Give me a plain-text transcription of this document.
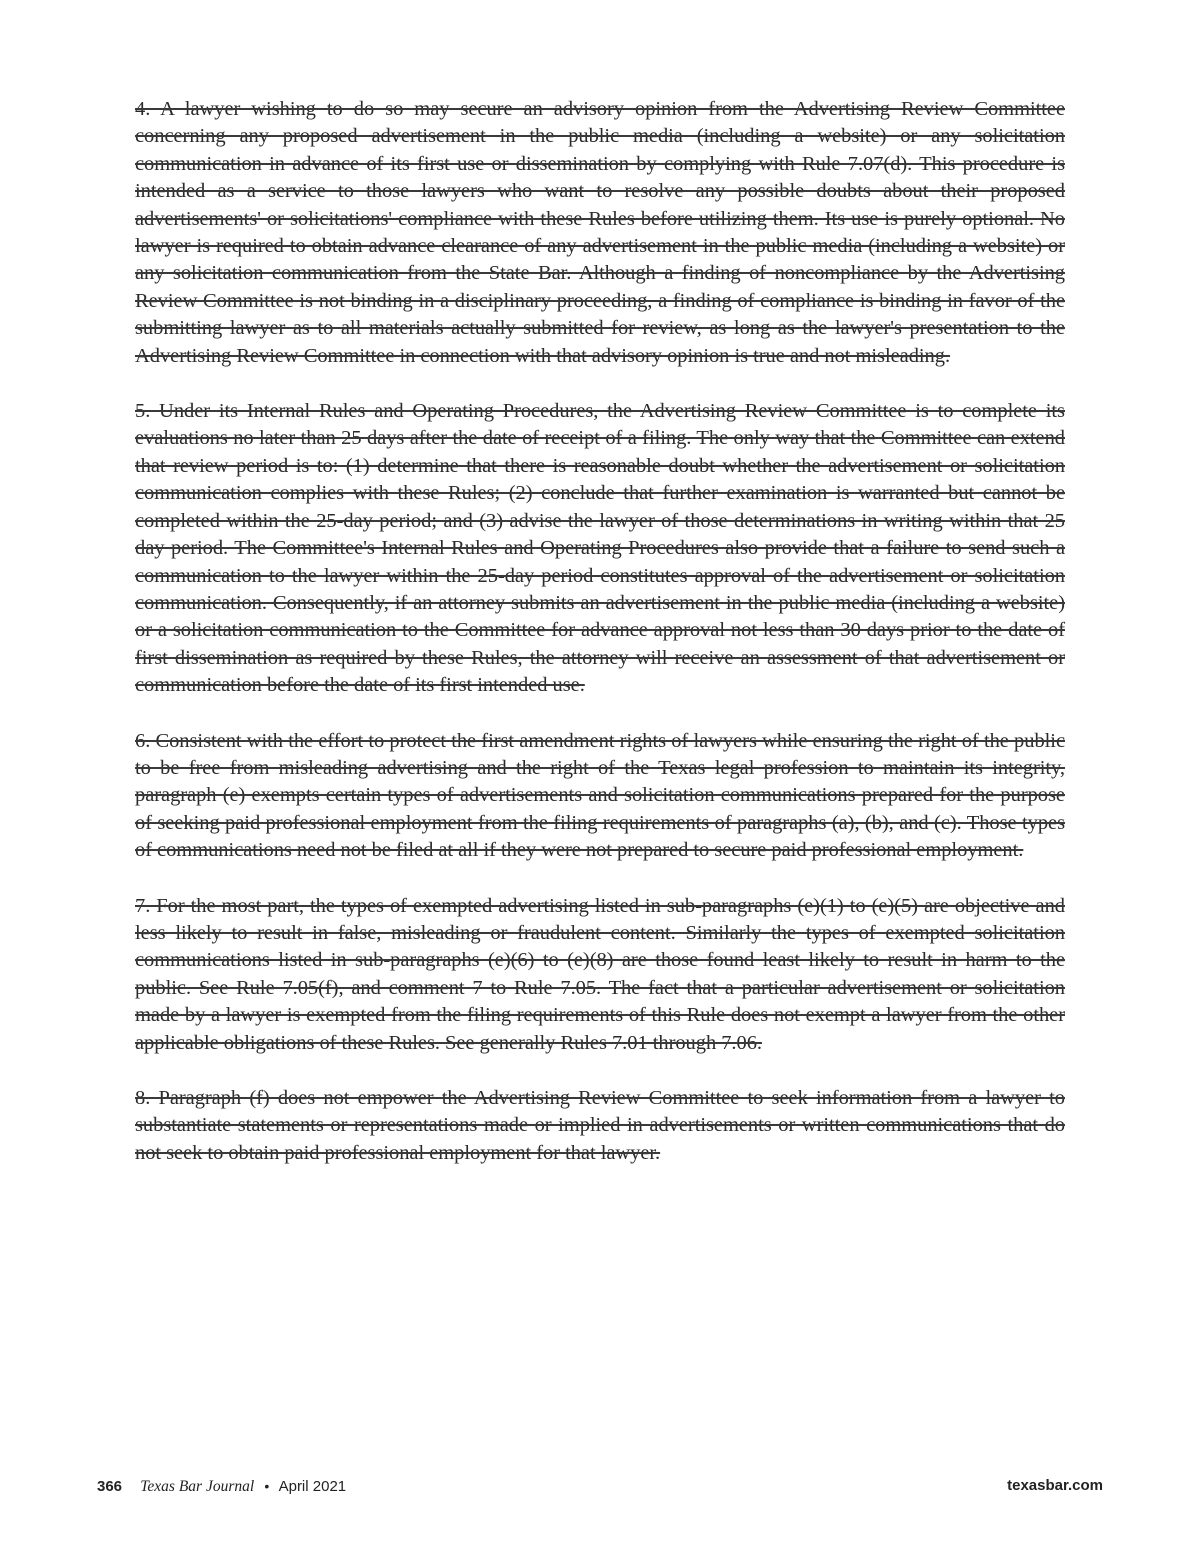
4. A lawyer wishing to do so may secure an advisory opinion from the Advertising Review Committee concerning any proposed advertisement in the public media (including a website) or any solicitation communication in advance of its first use or dissemination by complying with Rule 7.07(d). This procedure is intended as a service to those lawyers who want to resolve any possible doubts about their proposed advertisements' or solicitations' compliance with these Rules before utilizing them. Its use is purely optional. No lawyer is required to obtain advance clearance of any advertisement in the public media (including a website) or any solicitation communication from the State Bar. Although a finding of noncompliance by the Advertising Review Committee is not binding in a disciplinary proceeding, a finding of compliance is binding in favor of the submitting lawyer as to all materials actually submitted for review, as long as the lawyer's presentation to the Advertising Review Committee in connection with that advisory opinion is true and not misleading.

5. Under its Internal Rules and Operating Procedures, the Advertising Review Committee is to complete its evaluations no later than 25 days after the date of receipt of a filing. The only way that the Committee can extend that review period is to: (1) determine that there is reasonable doubt whether the advertisement or solicitation communication complies with these Rules; (2) conclude that further examination is warranted but cannot be completed within the 25-day period; and (3) advise the lawyer of those determinations in writing within that 25 day period. The Committee's Internal Rules and Operating Procedures also provide that a failure to send such a communication to the lawyer within the 25-day period constitutes approval of the advertisement or solicitation communication. Consequently, if an attorney submits an advertisement in the public media (including a website) or a solicitation communication to the Committee for advance approval not less than 30 days prior to the date of first dissemination as required by these Rules, the attorney will receive an assessment of that advertisement or communication before the date of its first intended use.

6. Consistent with the effort to protect the first amendment rights of lawyers while ensuring the right of the public to be free from misleading advertising and the right of the Texas legal profession to maintain its integrity, paragraph (e) exempts certain types of advertisements and solicitation communications prepared for the purpose of seeking paid professional employment from the filing requirements of paragraphs (a), (b), and (c). Those types of communications need not be filed at all if they were not prepared to secure paid professional employment.

7. For the most part, the types of exempted advertising listed in sub-paragraphs (e)(1) to (e)(5) are objective and less likely to result in false, misleading or fraudulent content. Similarly the types of exempted solicitation communications listed in sub-paragraphs (e)(6) to (e)(8) are those found least likely to result in harm to the public. See Rule 7.05(f), and comment 7 to Rule 7.05. The fact that a particular advertisement or solicitation made by a lawyer is exempted from the filing requirements of this Rule does not exempt a lawyer from the other applicable obligations of these Rules. See generally Rules 7.01 through 7.06.

8. Paragraph (f) does not empower the Advertising Review Committee to seek information from a lawyer to substantiate statements or representations made or implied in advertisements or written communications that do not seek to obtain paid professional employment for that lawyer.

366 Texas Bar Journal • April 2021	texasbar.com
